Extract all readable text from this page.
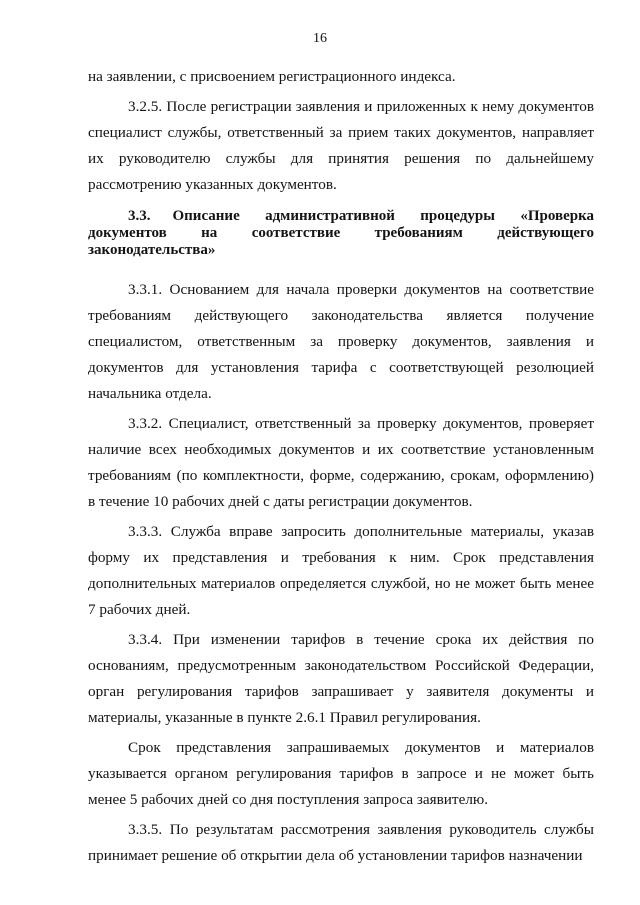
16

на заявлении, с присвоением регистрационного индекса.

3.2.5. После регистрации заявления и приложенных к нему документов специалист службы, ответственный за прием таких документов, направляет их руководителю службы для принятия решения по дальнейшему рассмотрению указанных документов.

3.3. Описание административной процедуры «Проверка документов на соответствие требованиям действующего законодательства»

3.3.1. Основанием для начала проверки документов на соответствие требованиям действующего законодательства является получение специалистом, ответственным за проверку документов, заявления и документов для установления тарифа с соответствующей резолюцией начальника отдела.

3.3.2. Специалист, ответственный за проверку документов, проверяет наличие всех необходимых документов и их соответствие установленным требованиям (по комплектности, форме, содержанию, срокам, оформлению) в течение 10 рабочих дней с даты регистрации документов.

3.3.3. Служба вправе запросить дополнительные материалы, указав форму их представления и требования к ним. Срок представления дополнительных материалов определяется службой, но не может быть менее 7 рабочих дней.

3.3.4. При изменении тарифов в течение срока их действия по основаниям, предусмотренным законодательством Российской Федерации, орган регулирования тарифов запрашивает у заявителя документы и материалы, указанные в пункте 2.6.1 Правил регулирования.

Срок представления запрашиваемых документов и материалов указывается органом регулирования тарифов в запросе и не может быть менее 5 рабочих дней со дня поступления запроса заявителю.

3.3.5. По результатам рассмотрения заявления руководитель службы принимает решение об открытии дела об установлении тарифов назначении
